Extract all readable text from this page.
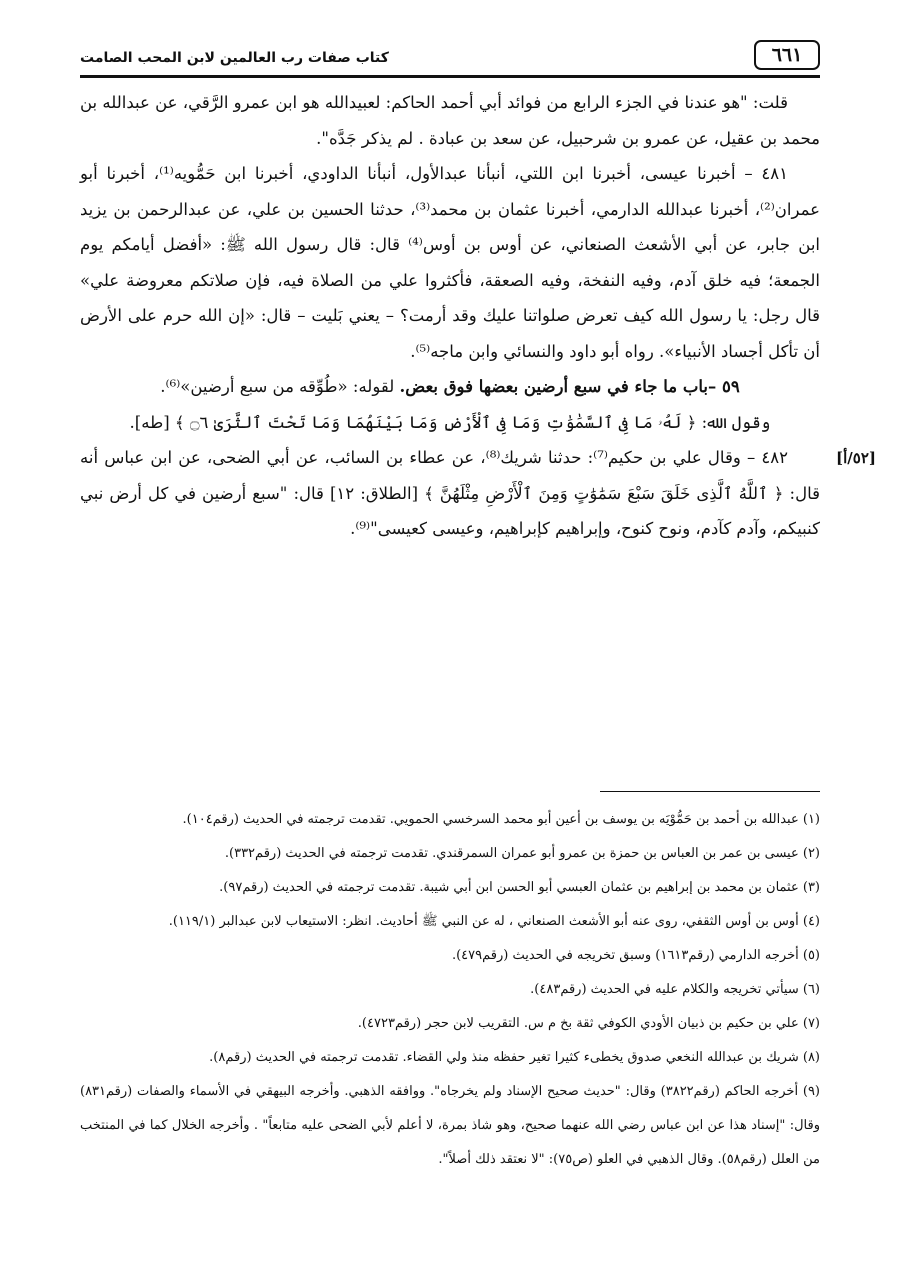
٦٦١
كتاب صفات رب العالمين لابن المحب الصامت

قلت: "هو عندنا في الجزء الرابع من فوائد أبي أحمد الحاكم: لعبيدالله هو ابن عمرو الرَّقي، عن عبدالله بن محمد بن عقيل، عن عمرو بن شرحبيل، عن سعد بن عبادة . لم يذكر جَدَّه".

٤٨١ – أخبرنا عيسى، أخبرنا ابن اللتي، أنبأنا عبدالأول، أنبأنا الداودي، أخبرنا ابن حَمُّويه⁽¹⁾، أخبرنا أبو عمران⁽²⁾، أخبرنا عبدالله الدارمي، أخبرنا عثمان بن محمد⁽³⁾، حدثنا الحسين بن علي، عن عبدالرحمن بن يزيد ابن جابر، عن أبي الأشعث الصنعاني، عن أوس بن أوس⁽⁴⁾ قال: قال رسول الله ﷺ: «أفضل أيامكم يوم الجمعة؛ فيه خلق آدم، وفيه النفخة، وفيه الصعقة، فأكثروا علي من الصلاة فيه، فإن صلاتكم معروضة علي» قال رجل: يا رسول الله كيف تعرض صلواتنا عليك وقد أرمت؟ – يعني بَليت – قال: «إن الله حرم على الأرض أن تأكل أجساد الأنبياء». رواه أبو داود والنسائي وابن ماجه⁽⁵⁾.

٥٩ –باب ما جاء في سبع أرضين بعضها فوق بعض. لقوله: «طُوِّقه من سبع أرضين»⁽⁶⁾.

وقول الله: ﴿ لَهُۥ مَا فِى ٱلسَّمَٰوَٰتِ وَمَا فِى ٱلْأَرْضِ وَمَا بَيْنَهُمَا وَمَا تَحْتَ ٱلثَّرَىٰ ۝٦ ﴾ [طه].

٤٨٢ – وقال علي بن حكيم⁽⁷⁾: حدثنا شريك⁽⁸⁾، عن عطاء بن السائب، عن أبي الضحى، عن ابن عباس أنه قال: ﴿ ٱللَّهُ ٱلَّذِى خَلَقَ سَبْعَ سَمَٰوَٰتٍ وَمِنَ ٱلْأَرْضِ مِثْلَهُنَّ ﴾ [الطلاق: ١٢] قال: "سبع أرضين في كل أرض نبي كنبيكم، وآدم كآدم، ونوح كنوح، وإبراهيم كإبراهيم، وعيسى كعيسى"⁽⁹⁾.

[٥٢/أ]

(١) عبدالله بن أحمد بن حَمُّوْيَه بن يوسف بن أعين أبو محمد السرخسي الحمويي. تقدمت ترجمته في الحديث (رقم١٠٤).

(٢) عيسى بن عمر بن العباس بن حمزة بن عمرو أبو عمران السمرقندي. تقدمت ترجمته في الحديث (رقم٣٣٢).

(٣) عثمان بن محمد بن إبراهيم بن عثمان العبسي أبو الحسن ابن أبي شيبة. تقدمت ترجمته في الحديث (رقم٩٧).

(٤) أوس بن أوس الثقفي، روى عنه أبو الأشعث الصنعاني ، له عن النبي ﷺ أحاديث. انظر: الاستيعاب لابن عبدالبر (١١٩/١).

(٥) أخرجه الدارمي (رقم١٦١٣) وسبق تخريجه في الحديث (رقم٤٧٩).

(٦) سيأتي تخريجه والكلام عليه في الحديث (رقم٤٨٣).

(٧) علي بن حكيم بن ذبيان الأودي الكوفي ثقة بخ م س. التقريب لابن حجر (رقم٤٧٢٣).

(٨) شريك بن عبدالله النخعي صدوق يخطىء كثيرا تغير حفظه منذ ولي القضاء. تقدمت ترجمته في الحديث (رقم٨).

(٩) أخرجه الحاكم (رقم٣٨٢٢) وقال: "حديث صحيح الإسناد ولم يخرجاه". ووافقه الذهبي. وأخرجه البيهقي في الأسماء والصفات (رقم٨٣١) وقال: "إسناد هذا عن ابن عباس رضي الله عنهما صحيح، وهو شاذ بمرة، لا أعلم لأبي الضحى عليه متابعاً" . وأخرجه الخلال كما في المنتخب من العلل (رقم٥٨). وقال الذهبي في العلو (ص٧٥): "لا نعتقد ذلك أصلاً".
